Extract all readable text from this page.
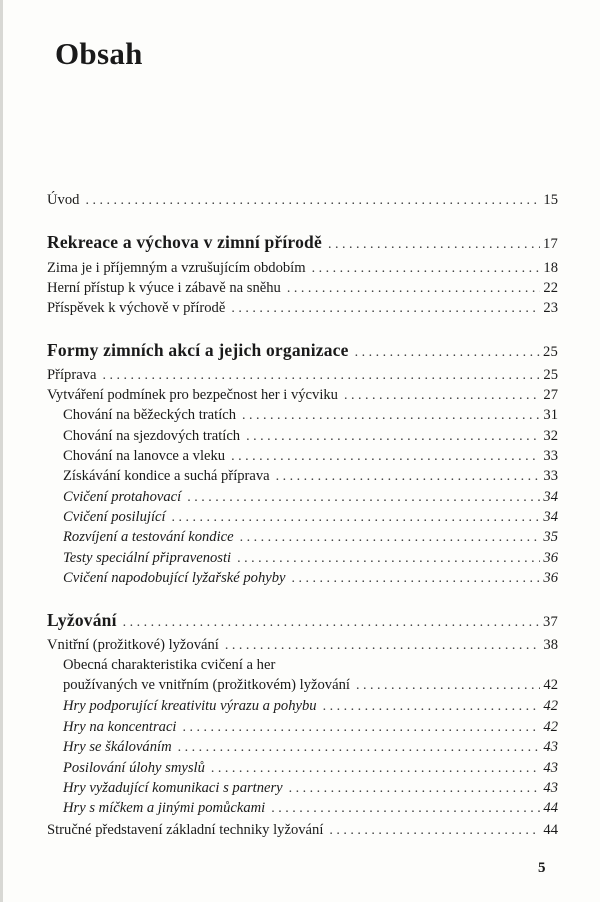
Obsah
Úvod . . .	15
Rekreace a výchova v zimní přírodě . . .	17
Zima je i příjemným a vzrušujícím obdobím . . .	18
Herní přístup k výuce i zábavě na sněhu . . .	22
Příspěvek k výchově v přírodě . . .	23
Formy zimních akcí a jejich organizace . . .	25
Příprava . . .	25
Vytváření podmínek pro bezpečnost her i výcviku . . .	27
Chování na běžeckých tratích . . .	31
Chování na sjezdových tratích . . .	32
Chování na lanovce a vleku . . .	33
Získávání kondice a suchá příprava . . .	33
Cvičení protahovací . . .	34
Cvičení posilující . . .	34
Rozvíjení a testování kondice . . .	35
Testy speciální připravenosti . . .	36
Cvičení napodobující lyžařské pohyby . . .	36
Lyžování . . .	37
Vnitřní (prožitkové) lyžování . . .	38
Obecná charakteristika cvičení a her
používaných ve vnitřním (prožitkovém) lyžování . . .	42
Hry podporující kreativitu výrazu a pohybu . . .	42
Hry na koncentraci . . .	42
Hry se škálováním . . .	43
Posilování úlohy smyslů . . .	43
Hry vyžadující komunikaci s partnery . . .	43
Hry s míčkem a jinými pomůckami . . .	44
Stručné představení základní techniky lyžování . . .	44
5
